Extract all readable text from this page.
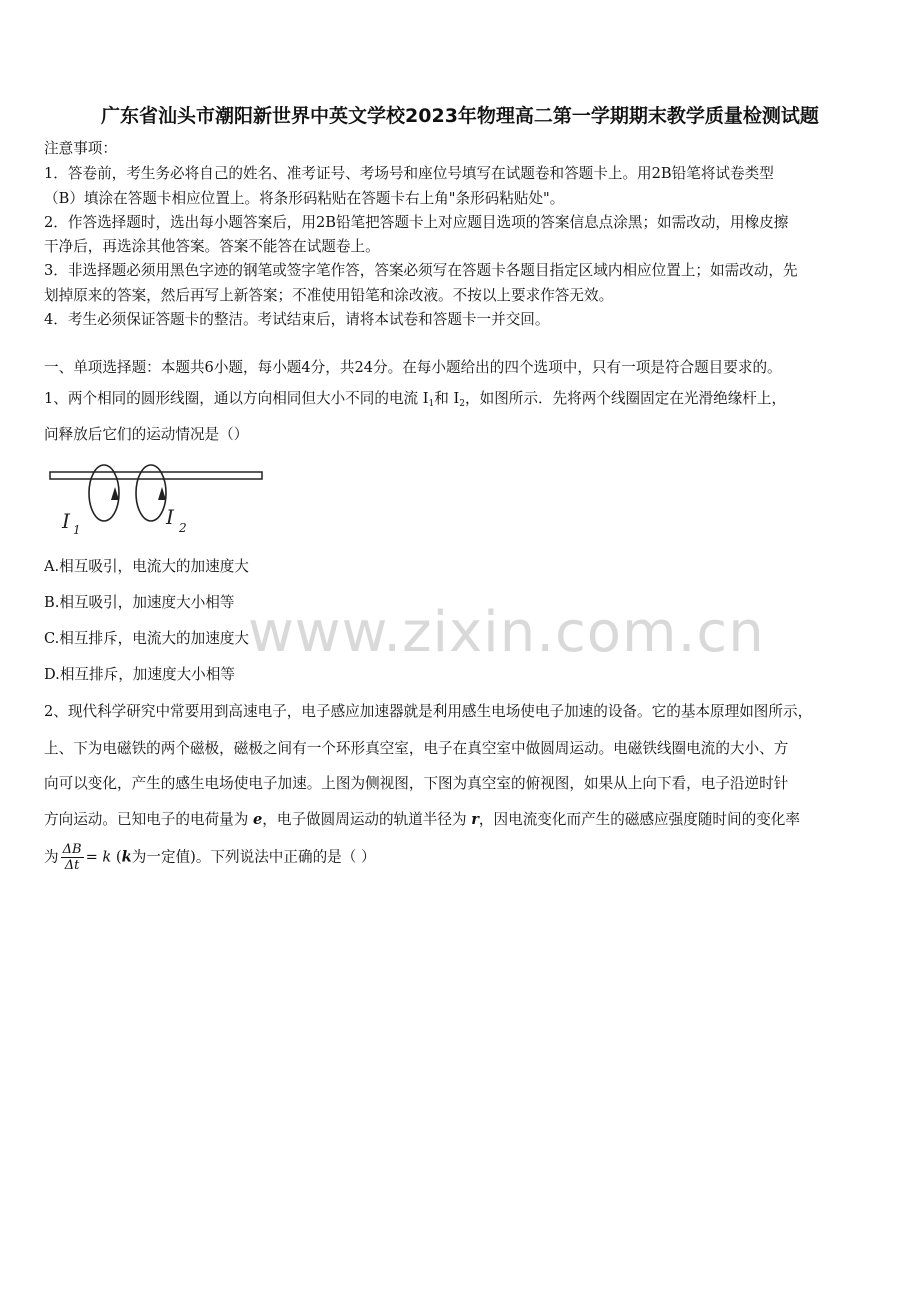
广东省汕头市潮阳新世界中英文学校2023年物理高二第一学期期末教学质量检测试题
注意事项：
1．答卷前，考生务必将自己的姓名、准考证号、考场号和座位号填写在试题卷和答题卡上。用2B铅笔将试卷类型
（B）填涂在答题卡相应位置上。将条形码粘贴在答题卡右上角"条形码粘贴处"。
2．作答选择题时，选出每小题答案后，用2B铅笔把答题卡上对应题目选项的答案信息点涂黑；如需改动，用橡皮擦
干净后，再选涂其他答案。答案不能答在试题卷上。
3．非选择题必须用黑色字迹的钢笔或签字笔作答，答案必须写在答题卡各题目指定区域内相应位置上；如需改动，先
划掉原来的答案，然后再写上新答案；不准使用铅笔和涂改液。不按以上要求作答无效。
4．考生必须保证答题卡的整洁。考试结束后，请将本试卷和答题卡一并交回。
一、单项选择题：本题共6小题，每小题4分，共24分。在每小题给出的四个选项中，只有一项是符合题目要求的。
1、两个相同的圆形线圈，通以方向相同但大小不同的电流 $I_1$和 $I_2$，如图所示．先将两个线圈固定在光滑绝缘杆上，
问释放后它们的运动情况是（）
I 1
I 2
A.相互吸引，电流大的加速度大
B.相互吸引，加速度大小相等
C.相互排斥，电流大的加速度大
D.相互排斥，加速度大小相等
2、现代科学研究中常要用到高速电子，电子感应加速器就是利用感生电场使电子加速的设备。它的基本原理如图所示，
上、下为电磁铁的两个磁极，磁极之间有一个环形真空室，电子在真空室中做圆周运动。电磁铁线圈电流的大小、方
向可以变化，产生的感生电场使电子加速。上图为侧视图，下图为真空室的俯视图，如果从上向下看，电子沿逆时针
方向运动。已知电子的电荷量为 e，电子做圆周运动的轨道半径为 r，因电流变化而产生的磁感应强度随时间的变化率
为 $\frac{\Delta B}{\Delta t} = k$ (k为一定值)。下列说法中正确的是（ ）
www.zixin.com.cn
